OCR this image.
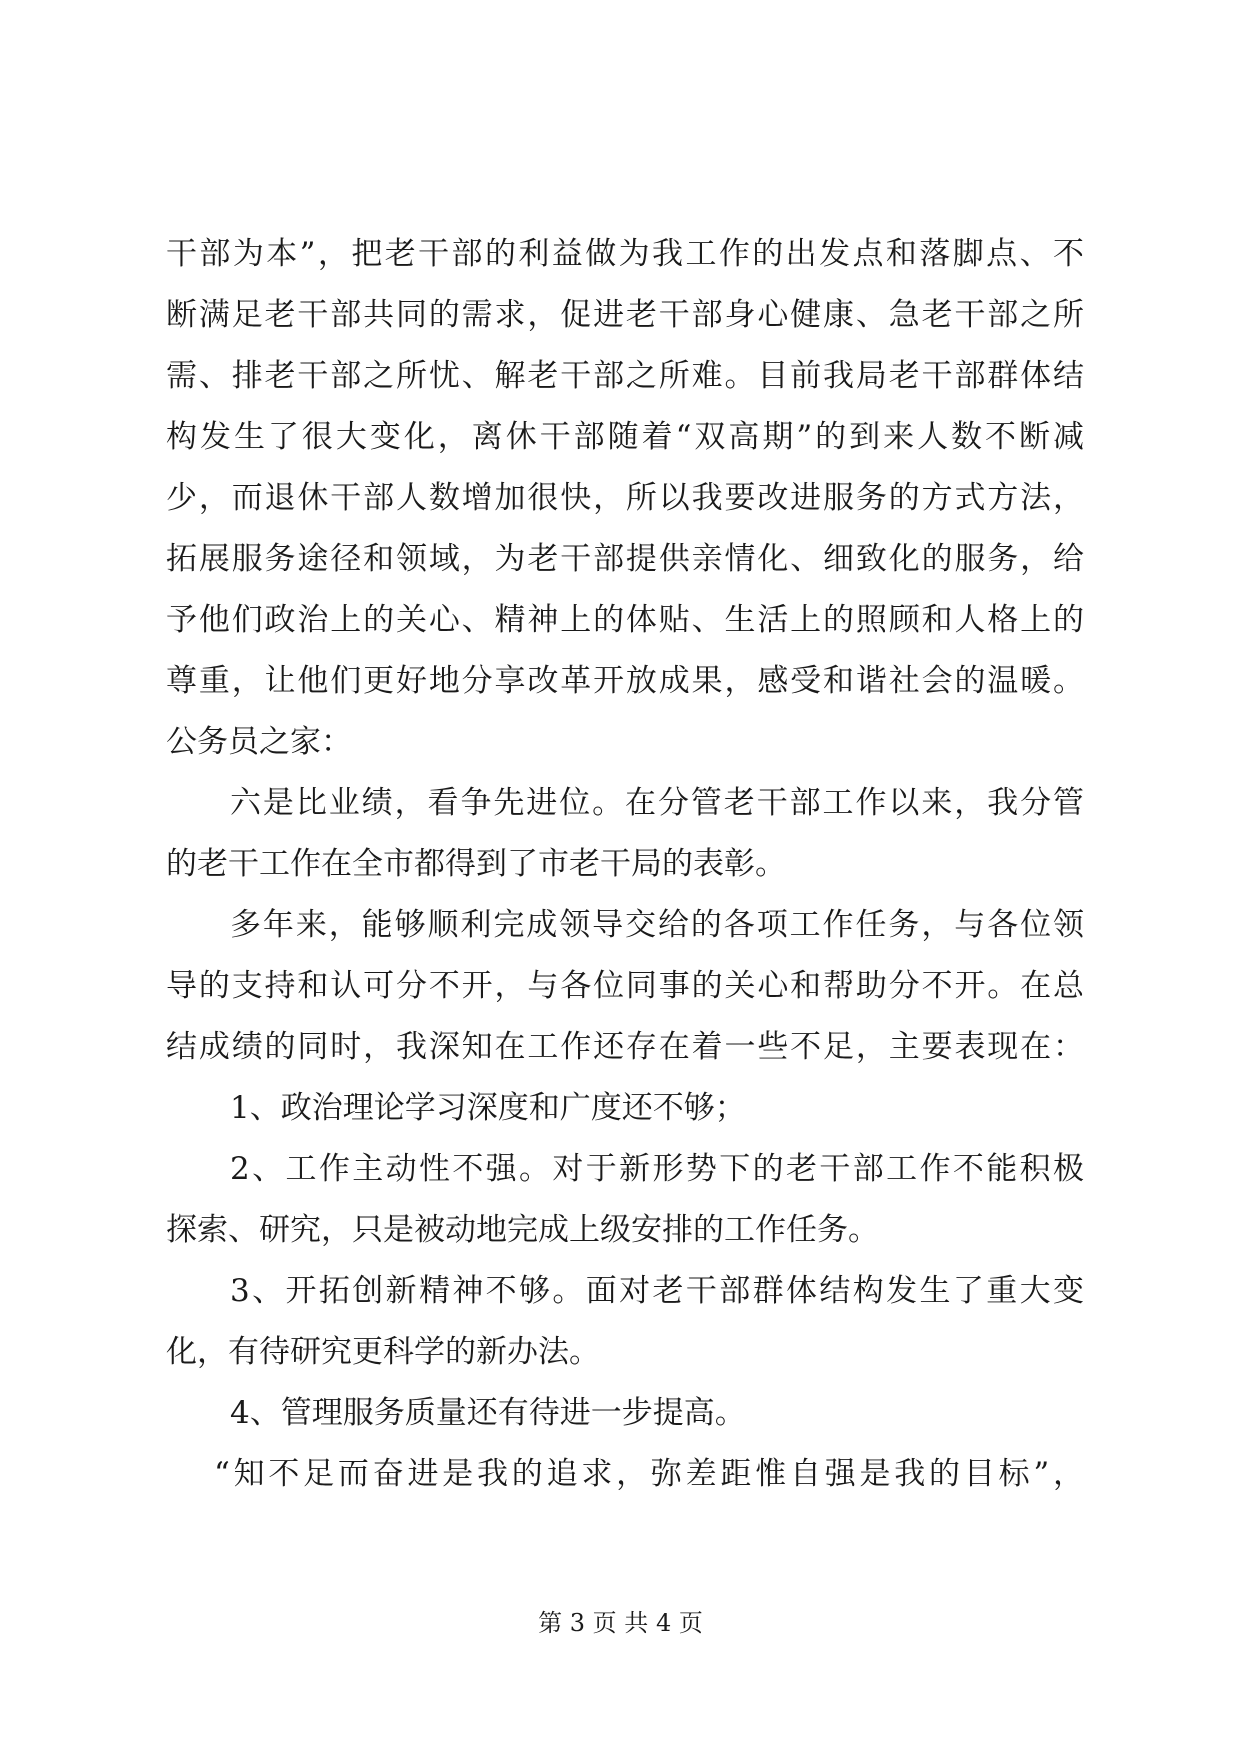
干部为本”，把老干部的利益做为我工作的出发点和落脚点、不
断满足老干部共同的需求，促进老干部身心健康、急老干部之所
需、排老干部之所忧、解老干部之所难。目前我局老干部群体结
构发生了很大变化，离休干部随着“双高期”的到来人数不断减
少，而退休干部人数增加很快，所以我要改进服务的方式方法，
拓展服务途径和领域，为老干部提供亲情化、细致化的服务，给
予他们政治上的关心、精神上的体贴、生活上的照顾和人格上的
尊重，让他们更好地分享改革开放成果，感受和谐社会的温暖。
公务员之家：
六是比业绩，看争先进位。在分管老干部工作以来，我分管
的老干工作在全市都得到了市老干局的表彰。
多年来，能够顺利完成领导交给的各项工作任务，与各位领
导的支持和认可分不开，与各位同事的关心和帮助分不开。在总
结成绩的同时，我深知在工作还存在着一些不足，主要表现在：
1、政治理论学习深度和广度还不够；
2、工作主动性不强。对于新形势下的老干部工作不能积极
探索、研究，只是被动地完成上级安排的工作任务。
3、开拓创新精神不够。面对老干部群体结构发生了重大变
化，有待研究更科学的新办法。
4、管理服务质量还有待进一步提高。
“知不足而奋进是我的追求，弥差距惟自强是我的目标”，
第 3 页 共 4 页
